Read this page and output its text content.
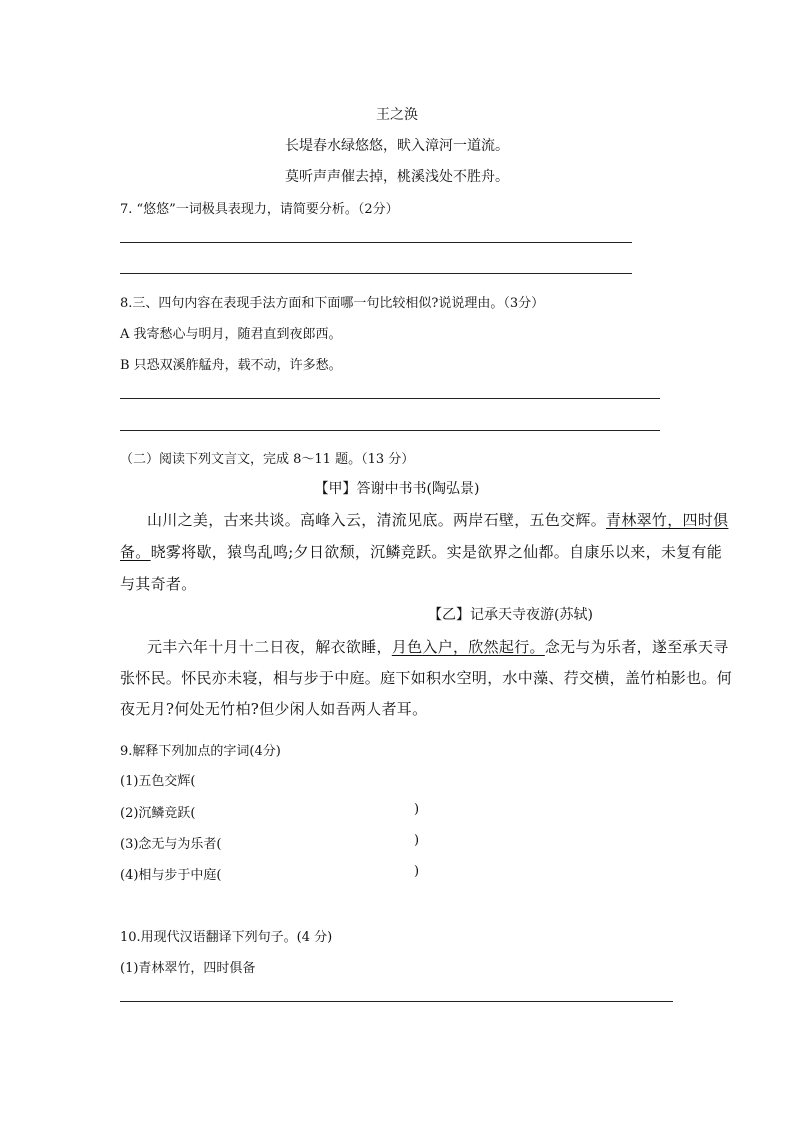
王之涣
长堤春水绿悠悠，畎入漳河一道流。
莫听声声催去掉，桃溪浅处不胜舟。
7. “悠悠”一词极具表现力，请简要分析。（2分）
8.三、四句内容在表现手法方面和下面哪一句比较相似?说说理由。（3分）
A 我寄愁心与明月，随君直到夜郎西。
B 只恐双溪舴艋舟，载不动，许多愁。
（二）阅读下列文言文，完成 8～11 题。（13 分）
【甲】答谢中书书(陶弘景)
山川之美，古来共谈。高峰入云，清流见底。两岸石壁，五色交辉。青林翠竹，四时俱
备。晓雾将歇，猿鸟乱鸣;夕日欲颓，沉鳞竞跃。实是欲界之仙都。自康乐以来，未复有能
与其奇者。
【乙】记承天寺夜游(苏轼)
元丰六年十月十二日夜，解衣欲睡，月色入户，欣然起行。念无与为乐者，遂至承天寻
张怀民。怀民亦未寝，相与步于中庭。庭下如积水空明，水中藻、荇交横，盖竹柏影也。何
夜无月?何处无竹柏?但少闲人如吾两人者耳。
9.解释下列加点的字词(4分)
(1)五色交辉(
(2)沉鳞竞跃(	)
(3)念无与为乐者(	)
(4)相与步于中庭(	)
10.用现代汉语翻译下列句子。(4 分)
(1)青林翠竹，四时俱备
